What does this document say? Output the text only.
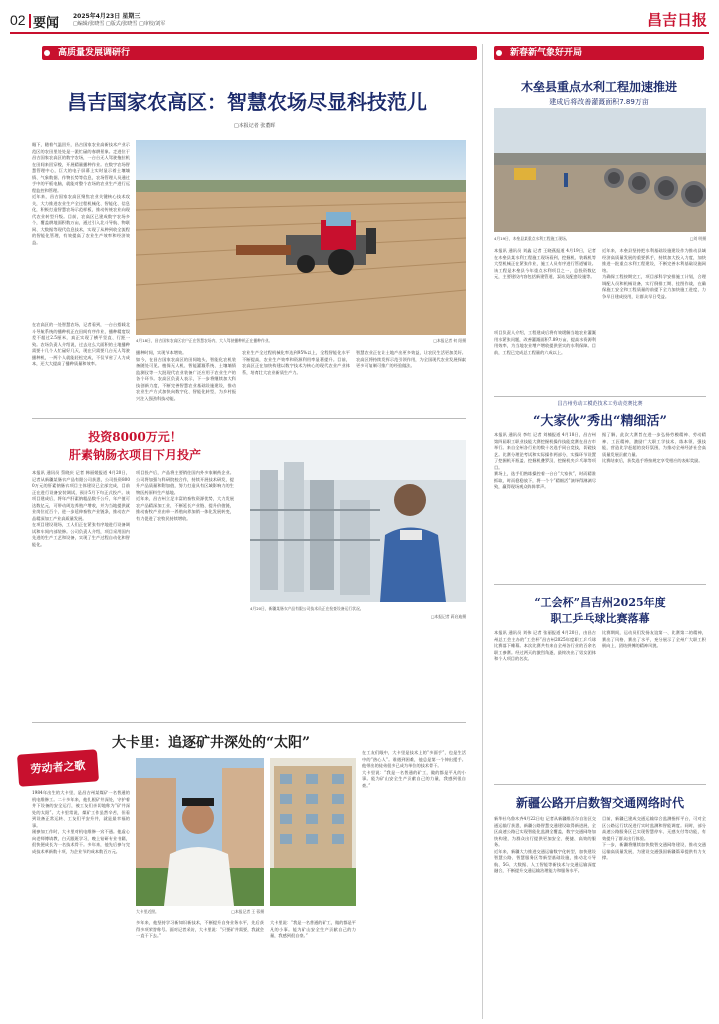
02 要闻 2025年4月23日 星期三
□编辑/张晓雪 □版式/张晓雪 □审校/刘军	昌吉日报
高质量发展调研行	新春新气象好开局
昌吉国家农高区：智慧农场尽显科技范儿
□本报记者 张董晖
眼下，随着气温回升，昌吉国家农业高新技术产业示范区的农田里处处是一派忙碌的春耕景象。走进位于昌吉国家农高区的数字农场，一台台无人驾驶拖拉机在田间来回穿梭，开展精量播种作业。在数字农场智慧管理中心，巨大的电子屏幕上实时显示着土壤墒情、气象数据、作物长势等信息，农场管理人员通过手中的平板电脑，就能对整个农场的农业生产进行远程监控和管理。
近年来，昌吉国家农高区聚焦农业关键核心技术攻关，大力推进农业生产全过程机械化、智能化、信息化，积极打造智慧农场示范样板，推动传统农业向现代农业转型升级。目前，农高区已建成数字农场多个，覆盖耕地面积数万亩，通过引入北斗导航、物联网、大数据等现代信息技术，实现了从种到收全流程的智能化管理，有效提高了农业生产效率和经济效益。
在农高区的一处智慧农场，记者看到，一台台搭载北斗导航系统的播种机正在田间有序作业，播种精度误差不超过2.5厘米，真正实现了横平竖直、行距一致。农场负责人介绍说，过去这么大面积的土地播种需要十几个人忙碌好几天，现在只需要几台无人驾驶播种机，一两个人就能轻松完成，不仅节省了人力成本，还大大提高了播种质量和效率。
4月18日，昌吉国家农高区农户正在智慧农场内，大人驾驶播种机正在播种作业。	□本报记者 何 阳摄
播种时间，实现节本增效。
如今，在昌吉国家农高区的田间地头，智能化农机装备随处可见。植保无人机、智能灌溉系统、土壤墒情监测仪等一大批现代农业装备广泛应用于农业生产的各个环节。农高区负责人表示，下一步将继续加大科技创新力度，不断完善智慧农业基础设施建设，推动农业生产方式加快向数字化、智能化转型，为乡村振兴注入强劲科技动能。
农业生产全过程机械化率达到95%以上，全程智能化水平不断提高，农业生产效率和资源利用率显著提升。目前，农高区正在加快构建以数字技术为核心的现代农业产业体系，培育壮大农业新质生产力。
智慧农业正在让土地产出更多效益，让农民生活更加美好。农高区将持续发挥示范引领作用，为全国现代农业发展探索更多可复制可推广的经验做法。
投资8000万元！
肝素钠肠衣项目下月投产
本报讯 通讯员 蔡晓庆 记者 韩丽媛报道 4月20日，记者从新疆某肠衣产品有限公司获悉，公司投资8000万元的肝素钠肠衣项目主体建设已全部完成，目前正在进行设备安装调试，预计5月下旬正式投产。该项目建成后，将年产肝素钠粗品数千公斤，年产值可达数亿元，可带动周边养殖户增收，并为当地提供就业岗位近百个，进一步延伸畜牧产业链条，推动农产品精深加工产业高质量发展。
在项目建设现场，工人们正在紧张有序地进行设备调试和车间内部装修。公司负责人介绍，项目采用国内先进的生产工艺和设备，实现了生产过程自动化和智能化。
项目投产后，产品将主要销往国内外多家制药企业。公司将加强与科研院校合作，持续开展技术研发，提升产品质量和附加值，努力打造具有区域影响力的生物医药原料生产基地。
近年来，昌吉州立足丰富的畜牧资源优势，大力发展农产品精深加工业，不断延长产业链、提升价值链，推动畜牧产业由单一养殖向养加销一体化发展转变，有力促进了农牧民持续增收。
4月20日，新疆某肠衣产品有限公司技术员正在检查设备运行状况。
□本报记者 蒋启迪摄
大卡里：追逐矿井深处的“太阳”
劳动者之歌
1984年出生的大卡里，是昌吉州某煤矿一名普通的机电维修工。二十多年来，他扎根矿井深处，守护着井下设备的安全运行，被工友们亲切地称为“矿井深处的太阳”。大卡里常说，煤矿工作虽然辛苦，但看到设备正常运转、工友们平安升井，就是最幸福的事。
刚参加工作时，大卡里对机电维修一窍不通。他虚心向老师傅请教，白天跟班学习，晚上钻研专业书籍，很快便成长为一名技术骨干。多年来，他先后参与完成技术革新数十项，为企业节约成本数百万元。
大卡里近照。	□本报记者 王 蓉摄
多年来，他坚持学习新知识新技术，不断提升自身业务水平，先后获得多项荣誉称号。面对记者采访，大卡里说：“只要矿井需要，我就会一直干下去。”
在工友们眼中，大卡里是技术上的“多面手”，也是生活中的“热心人”。谁遇到困难，他总是第一个伸出援手。他带出的徒弟很多已成为单位的技术骨干。
大卡里说：“我是一名普通的矿工，做的都是平凡的小事。能为矿山安全生产贡献自己的力量，我感到很自豪。”
大卡里说：“我是一名普通的矿工，做的都是平凡的小事。能为矿山安全生产贡献自己的力量，我感到很自豪。”
木垒县重点水利工程加速推进
建成后将改善灌溉面积7.89万亩
4月19日，木垒县某重点水利工程施工现场。	□刘 明摄
本报讯 通讯员 刘鑫 记者 王晓燕报道 4月19日，记者在木垒县某水利工程施工现场看到，挖掘机、装载机等大型机械正在紧张作业，施工人员有序进行管道铺设。该工程是木垒县今年重点水利项目之一，总投资数亿元，主要建设内容包括新建管道、泵站及配套设施等。
项目负责人介绍，工程建成后将有效缓解当地农业灌溉用水紧张问题，改善灌溉面积7.89万亩，提高水资源利用效率，为当地农业增产增收提供坚实的水利保障。目前，工程已完成总工程量的六成以上。
近年来，木垒县坚持把水利基础设施建设作为推动县域经济高质量发展的重要抓手，持续加大投入力度，加快推进一批重点水利工程建设，不断完善水利基础设施网络。
为确保工程按期完工，项目部科学安排施工计划，合理调配人员和机械设备，实行倒排工期、挂图作战，在确保施工安全和工程质量的前提下全力加快施工进度，力争早日建成投用，让群众早日受益。
昌吉州劳动工模范技术工劳动竞赛比赛
“大家伙”秀出“精细活”
本报讯 通讯员 李红 记者 刘楠报道 4月18日，昌吉州第四届职工职业技能大赛挖掘机操作技能竞赛在昌吉市举行。来自全州各行业的数十名选手同台竞技，切磋技艺。比赛分理论考试和实际操作两部分，实操环节设置了挖掘机开瓶盖、挖掘机叠罗汉、挖掘机夹乒乓球等项目。
赛场上，选手们熟练操控着一台台“大家伙”，时而精准抓取，时而稳稳放下，将一个个“精细活”演绎得淋漓尽致，赢得现场观众阵阵掌声。
据了解，此次大赛旨在进一步弘扬劳模精神、劳动精神、工匠精神，激励广大职工学技术、练本领、强技能，营造比学赶超的良好氛围，为推动全州经济社会高质量发展贡献力量。
比赛结束后，获奖选手将按规定享受相应的表彰奖励。
“工会杯”昌吉州2025年度
职工乒乓球比赛落幕
本报讯 通讯员 刘伟 记者 张丽报道 4月20日，由昌吉州总工会主办的“工会杯”昌吉州2025年度职工乒乓球比赛落下帷幕。本次比赛共有来自全州各行业的百余名职工参赛。经过两天的激烈角逐，最终决出了男女团体和个人项目的名次。
比赛期间，运动员们发扬友谊第一、比赛第二的精神，赛出了风格、赛出了水平，充分展示了全州广大职工积极向上、团结拼搏的精神风貌。
新疆公路开启数智交通网络时代
新华社乌鲁木齐4月22日电 记者从新疆维吾尔自治区交通运输厅获悉，新疆公路智慧交通建设取得新进展，全区高速公路已实现智能化监测全覆盖，数字交通网络加快构建，为群众出行提供更加安全、便捷、高效的服务。
近年来，新疆大力推进交通运输数字化转型，加快建设智慧公路、智慧服务区等新型基础设施，推动北斗导航、5G、大数据、人工智能等新技术与交通运输深度融合，不断提升交通运输治理能力和服务水平。
目前，新疆已建成交通运输综合监测指挥平台，可对全区公路运行状况进行实时监测和智能调度。同时，部分高速公路服务区已实现智慧停车、无感支付等功能，有效提升了群众出行体验。
下一步，新疆将继续加快数智交通网络建设，推动交通运输高质量发展，为建设交通强国新疆篇章提供有力支撑。
